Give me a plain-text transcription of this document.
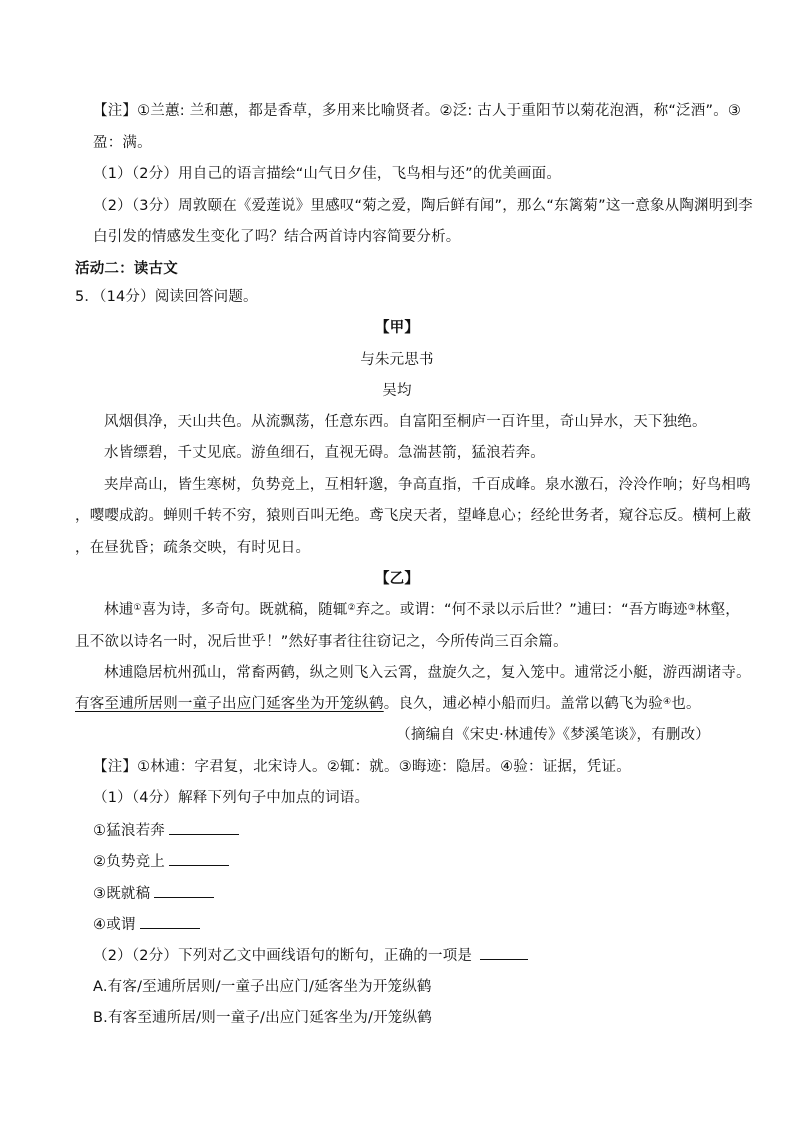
【注】①兰蕙: 兰和蕙，都是香草，多用来比喻贤者。②泛: 古人于重阳节以菊花泡酒，称“泛酒”。③
盈：满。
（1）（2分）用自己的语言描绘“山气日夕佳，飞鸟相与还”的优美画面。
（2）（3分）周敦颐在《爱莲说》里感叹“菊之爱，陶后鲜有闻”，那么“东篱菊”这一意象从陶渊明到李
白引发的情感发生变化了吗？结合两首诗内容简要分析。
活动二：读古文
5．（14分）阅读回答问题。
【甲】
与朱元思书
吴均
风烟俱净，天山共色。从流飘荡，任意东西。自富阳至桐庐一百许里，奇山异水，天下独绝。
水皆缥碧，千丈见底。游鱼细石，直视无碍。急湍甚箭，猛浪若奔。
夹岸高山，皆生寒树，负势竞上，互相轩邈，争高直指，千百成峰。泉水激石，泠泠作响；好鸟相鸣
，嘤嘤成韵。蝉则千转不穷，猿则百叫无绝。鸢飞戾天者，望峰息心；经纶世务者，窥谷忘反。横柯上蔽
，在昼犹昏；疏条交映，有时见日。
【乙】
林逋①喜为诗，多奇句。既就稿，随辄②弃之。或谓：“何不录以示后世？”逋曰：“吾方晦迹③林壑，
且不欲以诗名一时，况后世乎！”然好事者往往窃记之，今所传尚三百余篇。
林逋隐居杭州孤山，常畜两鹤，纵之则飞入云霄，盘旋久之，复入笼中。逋常泛小艇，游西湖诸寺。
有客至逋所居则一童子出应门延客坐为开笼纵鹤。良久，逋必棹小船而归。盖常以鹤飞为验④也。
（摘编自《宋史·林逋传》《梦溪笔谈》，有删改）
【注】①林逋：字君复，北宋诗人。②辄：就。③晦迹：隐居。④验：证据，凭证。
（1）（4分）解释下列句子中加点的词语。
①猛浪若奔
②负势竞上
③既就稿
④或谓
（2）（2分）下列对乙文中画线语句的断句，正确的一项是
A.有客/至逋所居则/一童子出应门/延客坐为开笼纵鹤
B.有客至逋所居/则一童子/出应门延客坐为/开笼纵鹤
